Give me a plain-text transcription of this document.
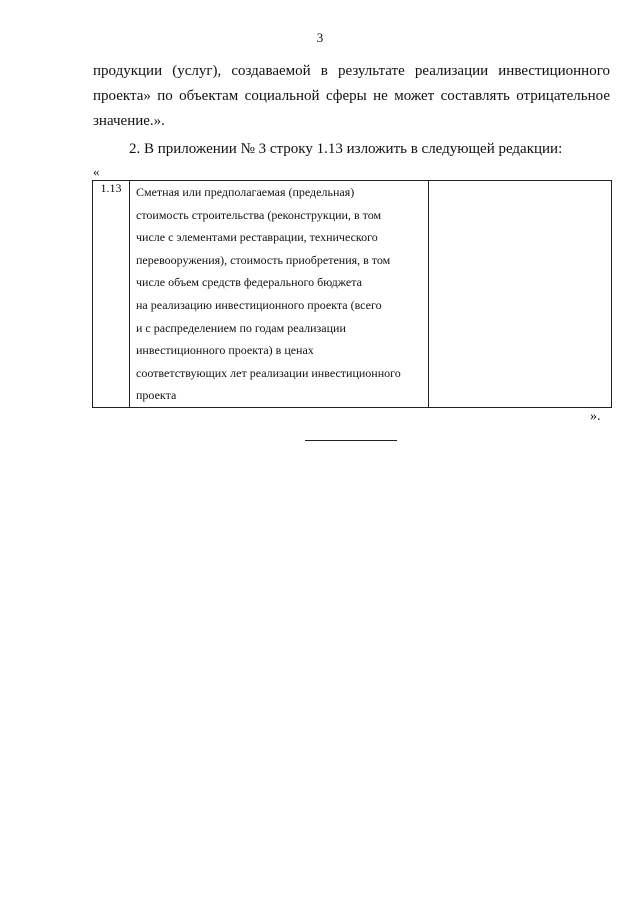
3
продукции (услуг), создаваемой в результате реализации инвестиционного
проекта» по объектам социальной сферы не может составлять отрицательное
значение.».
2. В приложении № 3 строку 1.13 изложить в следующей редакции:
«
1.13	Сметная или предполагаемая (предельная)
стоимость строительства (реконструкции, в том
числе с элементами реставрации, технического
перевооружения), стоимость приобретения, в том
числе объем средств федерального бюджета
на реализацию инвестиционного проекта (всего
и с распределением по годам реализации
инвестиционного проекта) в ценах
соответствующих лет реализации инвестиционного
проекта

».
